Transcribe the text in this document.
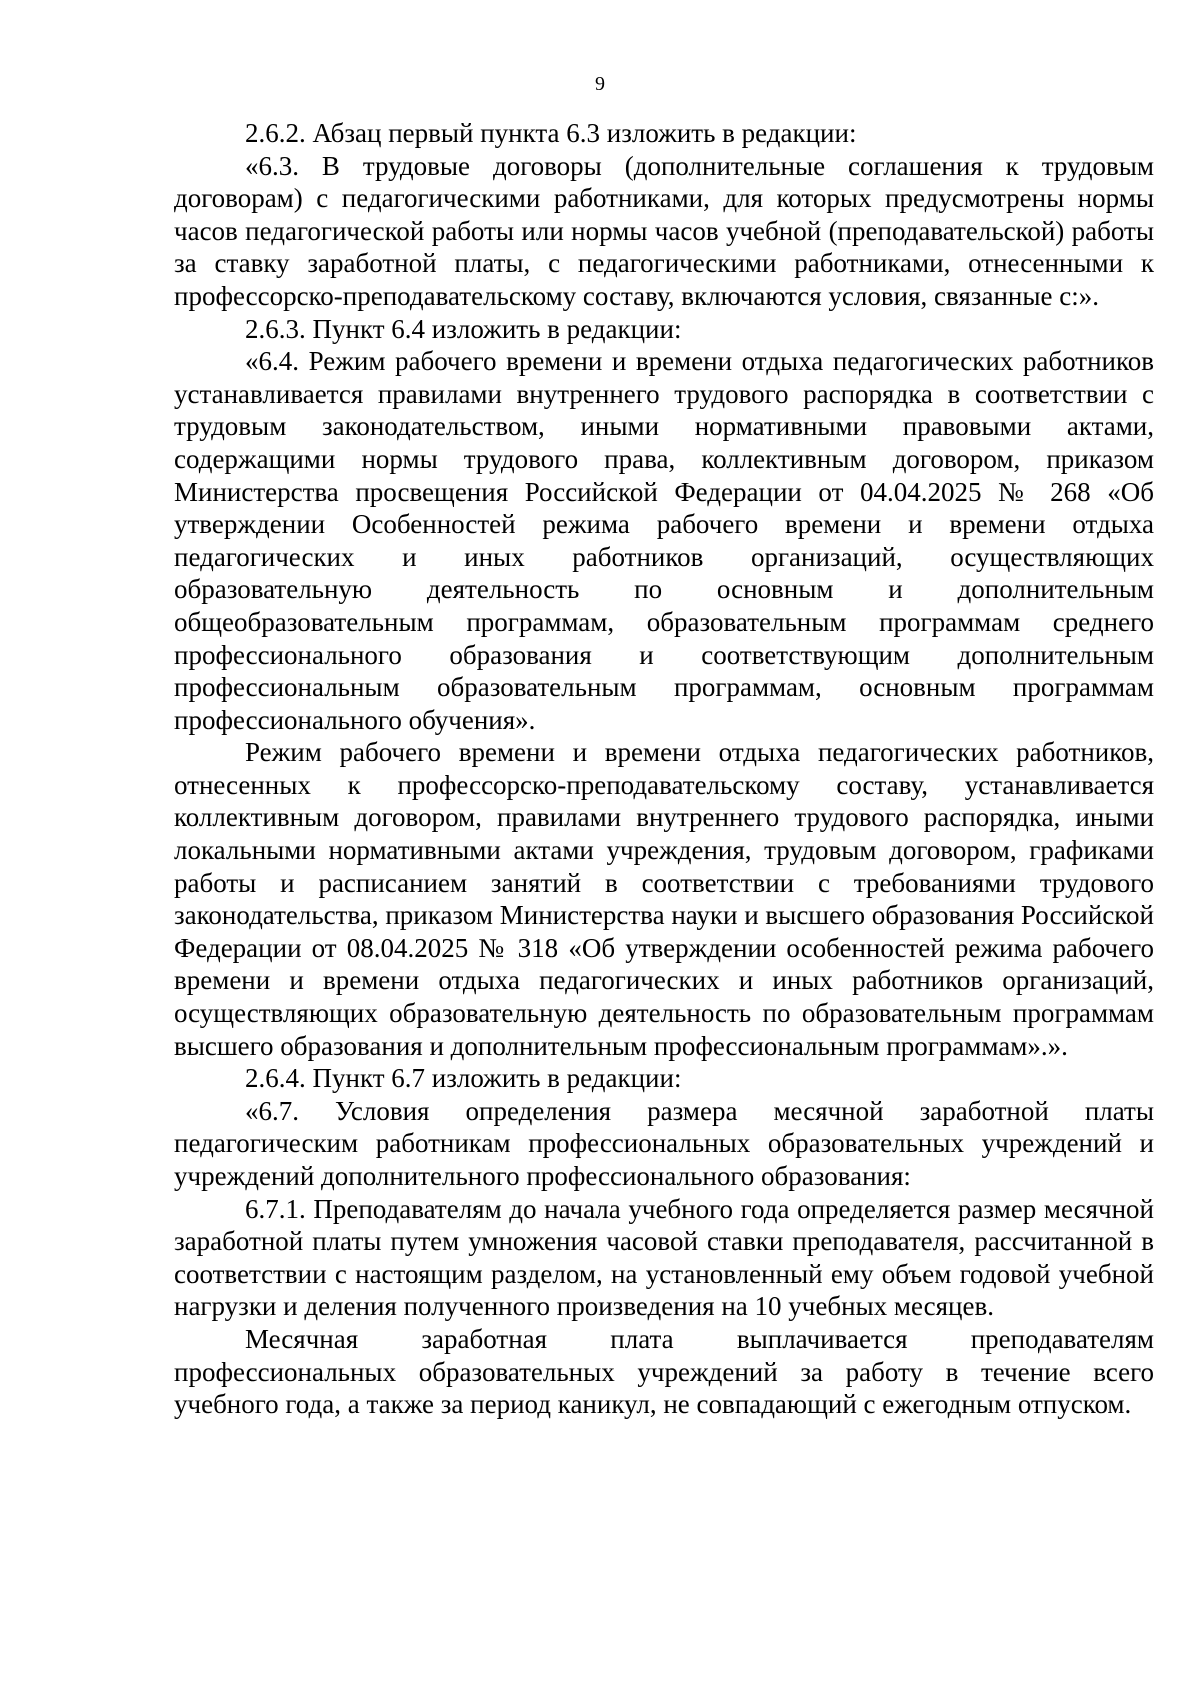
9

2.6.2. Абзац первый пункта 6.3 изложить в редакции:

«6.3. В трудовые договоры (дополнительные соглашения к трудовым договорам) с педагогическими работниками, для которых предусмотрены нормы часов педагогической работы или нормы часов учебной (преподавательской) работы за ставку заработной платы, с педагогическими работниками, отнесенными к профессорско-преподавательскому составу, включаются условия, связанные с:».

2.6.3. Пункт 6.4 изложить в редакции:

«6.4. Режим рабочего времени и времени отдыха педагогических работников устанавливается правилами внутреннего трудового распорядка в соответствии с трудовым законодательством, иными нормативными правовыми актами, содержащими нормы трудового права, коллективным договором, приказом Министерства просвещения Российской Федерации от 04.04.2025 № 268 «Об утверждении Особенностей режима рабочего времени и времени отдыха педагогических и иных работников организаций, осуществляющих образовательную деятельность по основным и дополнительным общеобразовательным программам, образовательным программам среднего профессионального образования и соответствующим дополнительным профессиональным образовательным программам, основным программам профессионального обучения».

Режим рабочего времени и времени отдыха педагогических работников, отнесенных к профессорско-преподавательскому составу, устанавливается коллективным договором, правилами внутреннего трудового распорядка, иными локальными нормативными актами учреждения, трудовым договором, графиками работы и расписанием занятий в соответствии с требованиями трудового законодательства, приказом Министерства науки и высшего образования Российской Федерации от 08.04.2025 № 318 «Об утверждении особенностей режима рабочего времени и времени отдыха педагогических и иных работников организаций, осуществляющих образовательную деятельность по образовательным программам высшего образования и дополнительным профессиональным программам».».

2.6.4. Пункт 6.7 изложить в редакции:

«6.7. Условия определения размера месячной заработной платы педагогическим работникам профессиональных образовательных учреждений и учреждений дополнительного профессионального образования:

6.7.1. Преподавателям до начала учебного года определяется размер месячной заработной платы путем умножения часовой ставки преподавателя, рассчитанной в соответствии с настоящим разделом, на установленный ему объем годовой учебной нагрузки и деления полученного произведения на 10 учебных месяцев.

Месячная заработная плата выплачивается преподавателям профессиональных образовательных учреждений за работу в течение всего учебного года, а также за период каникул, не совпадающий с ежегодным отпуском.
